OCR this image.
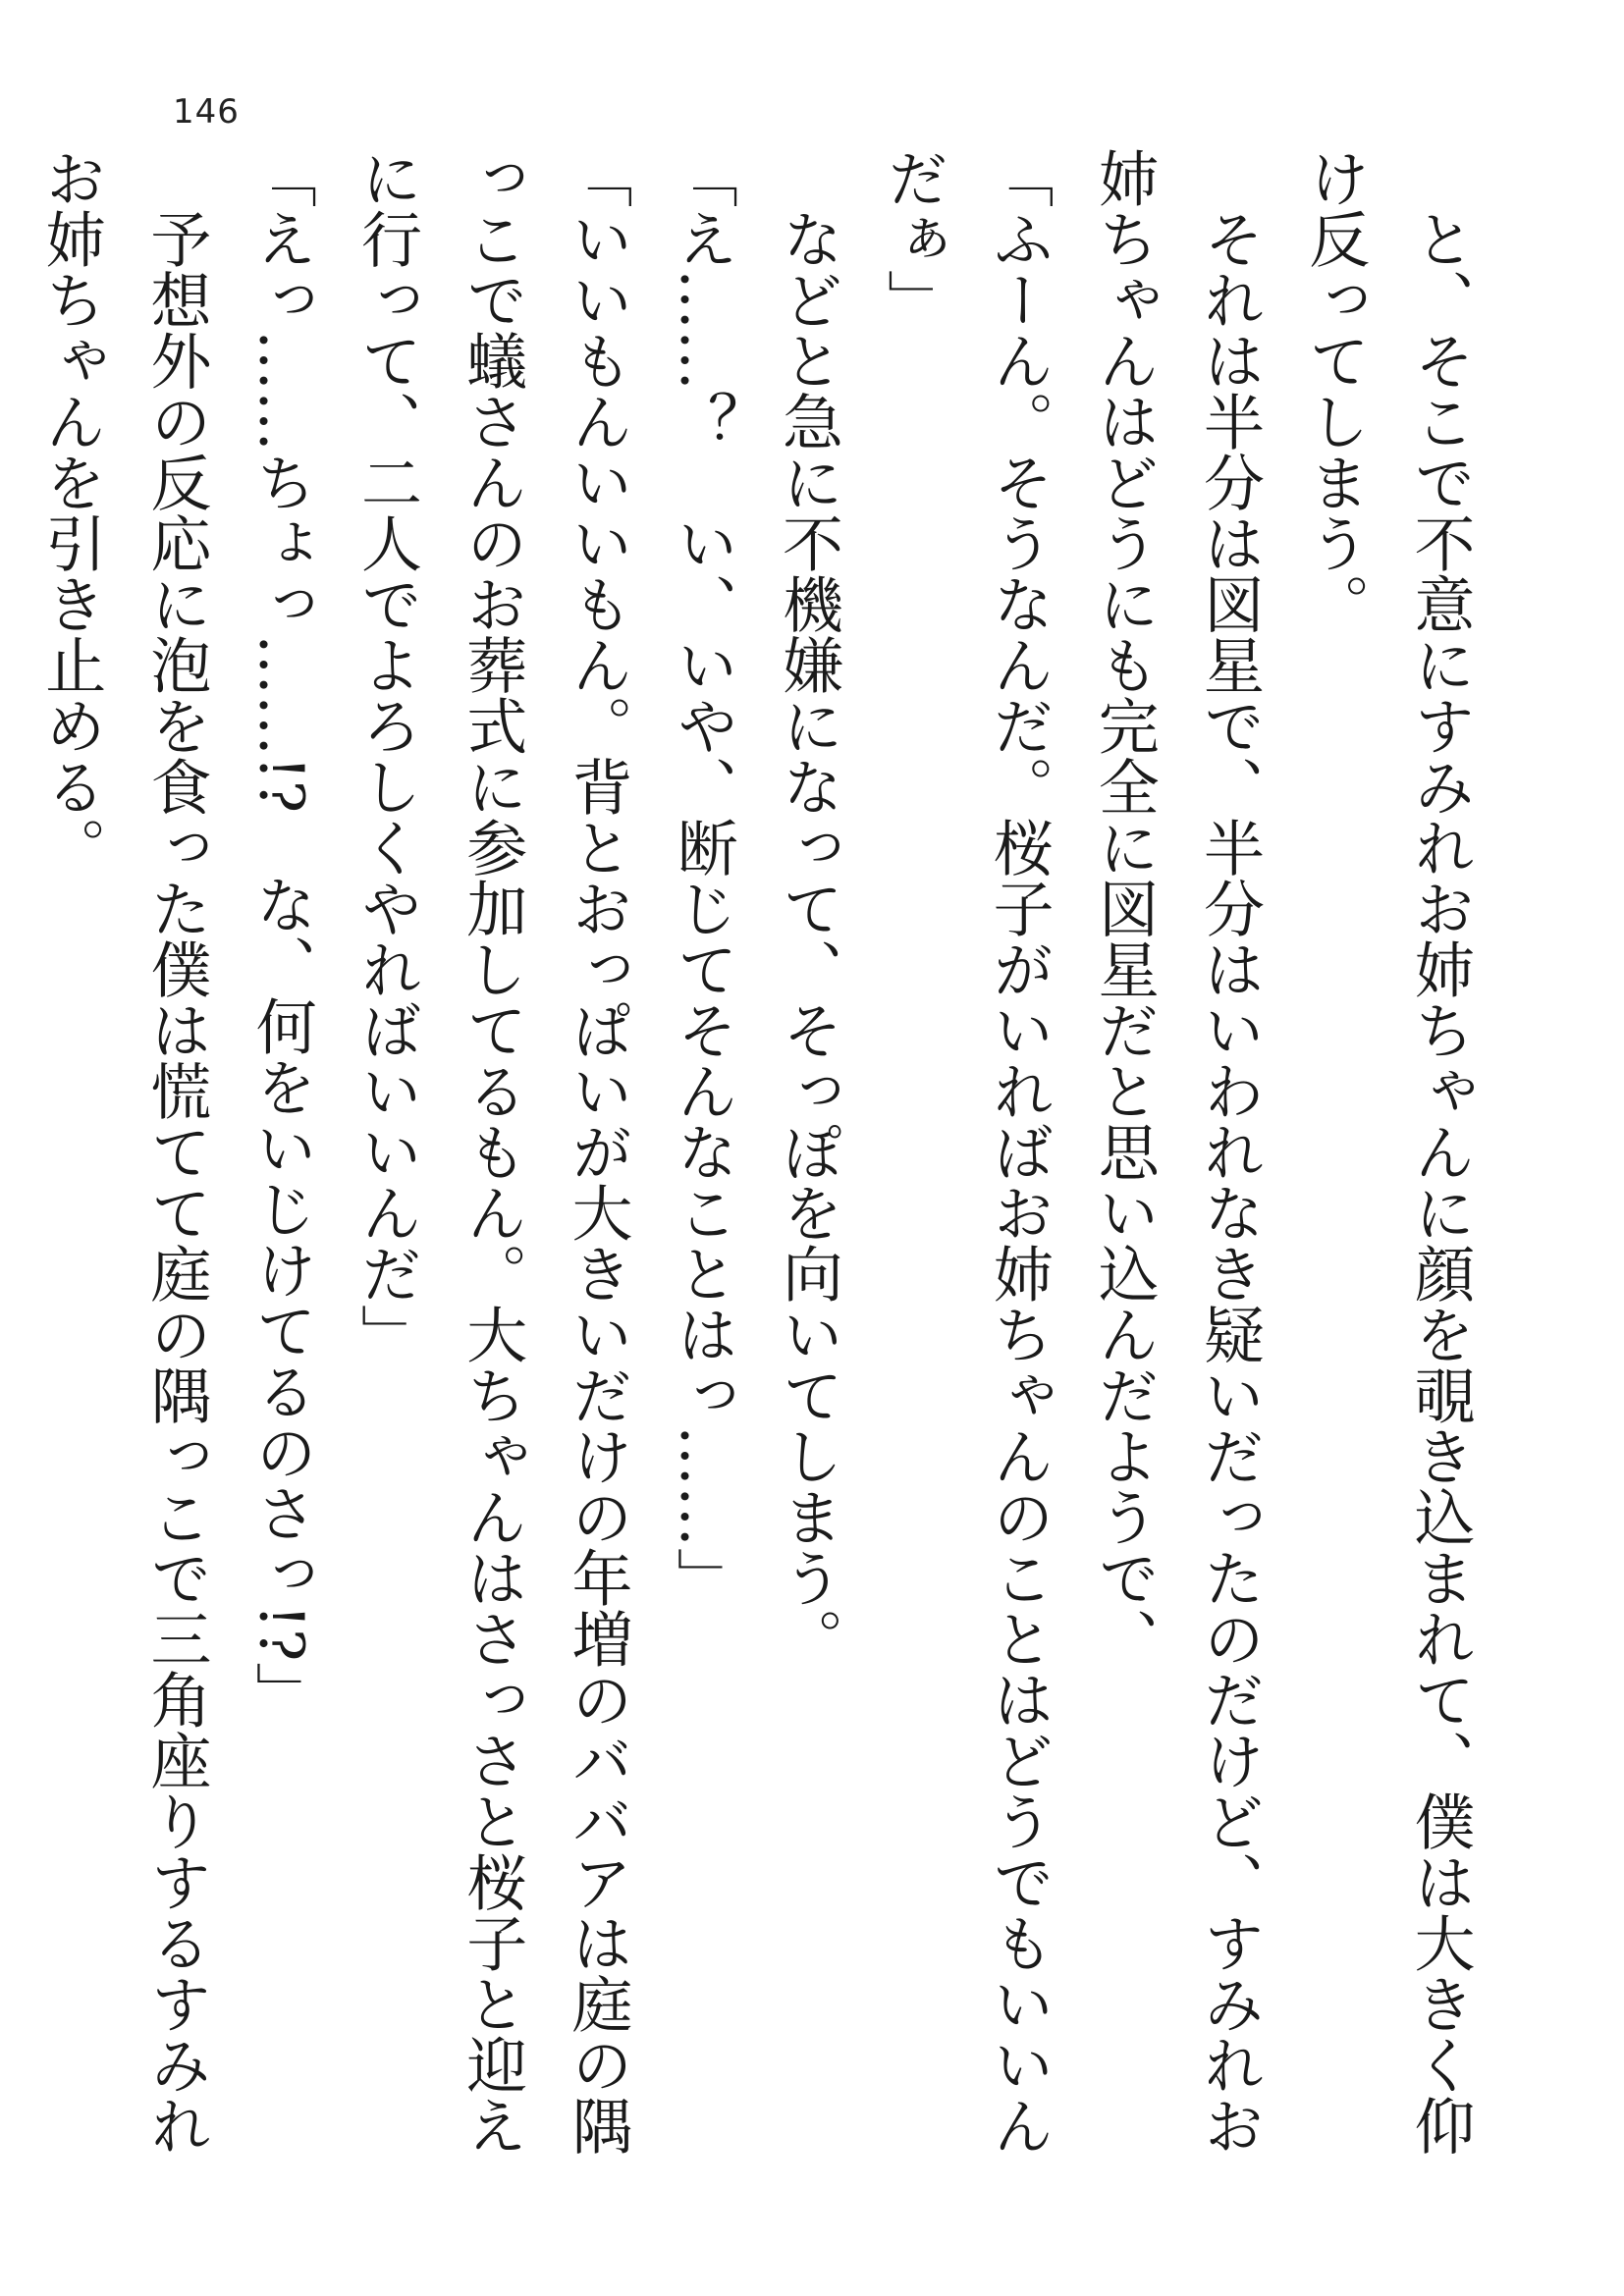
146

と、そこで不意にすみれお姉ちゃんに顔を覗き込まれて、僕は大きく仰け反ってしまう。

それは半分は図星で、半分はいわれなき疑いだったのだけど、すみれお姉ちゃんはどうにも完全に図星だと思い込んだようで、

「ふーん。そうなんだ。桜子がいればお姉ちゃんのことはどうでもいいんだぁ」

などと急に不機嫌になって、そっぽを向いてしまう。

「え……？　い、いや、断じてそんなことはっ……」

「いいもんいいもん。背とおっぱいが大きいだけの年増のババアは庭の隅っこで蟻さんのお葬式に参加してるもん。大ちゃんはさっさと桜子と迎えに行って、二人でよろしくやればいいんだ」

「えっ……ちょっ……!?　な、何をいじけてるのさっ!?」

予想外の反応に泡を食った僕は慌てて庭の隅っこで三角座りするすみれお姉ちゃんを引き止める。
